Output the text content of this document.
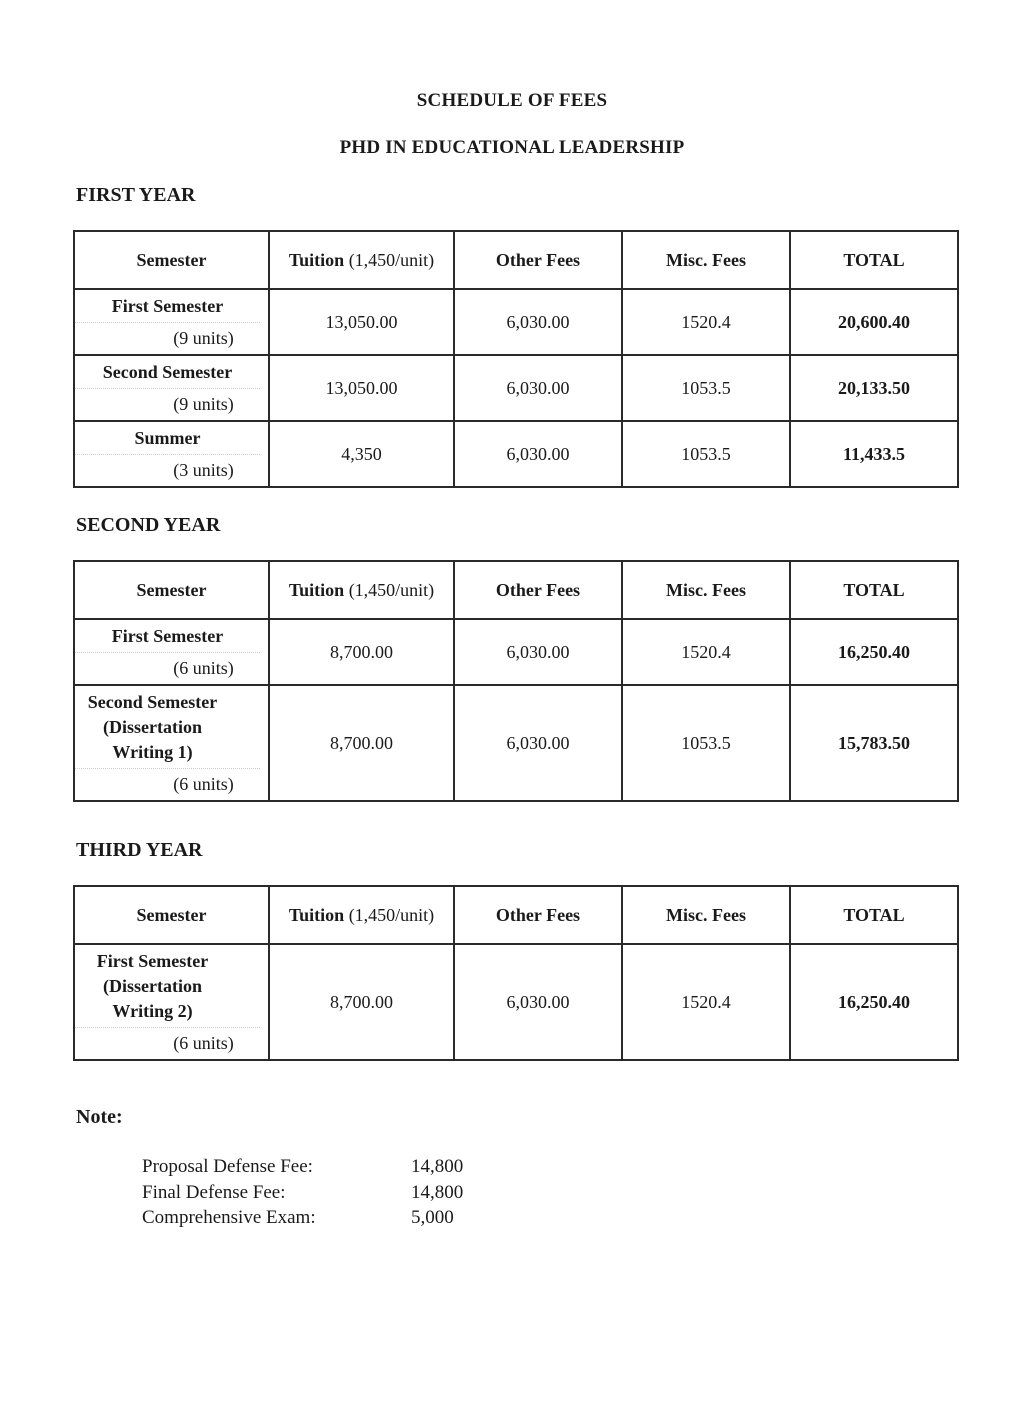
SCHEDULE OF FEES
PHD IN EDUCATIONAL LEADERSHIP
FIRST YEAR
Semester	Tuition (1,450/unit)	Other Fees	Misc. Fees	TOTAL

First Semester
(9 units)	13,050.00	6,030.00	1520.4	20,600.40

Second Semester
(9 units)	13,050.00	6,030.00	1053.5	20,133.50

Summer
(3 units)	4,350	6,030.00	1053.5	11,433.5
SECOND YEAR
Semester	Tuition (1,450/unit)	Other Fees	Misc. Fees	TOTAL

First Semester
(6 units)	8,700.00	6,030.00	1520.4	16,250.40

Second Semester (Dissertation Writing 1)
(6 units)	8,700.00	6,030.00	1053.5	15,783.50
THIRD YEAR
Semester	Tuition (1,450/unit)	Other Fees	Misc. Fees	TOTAL

First Semester (Dissertation Writing 2)
(6 units)	8,700.00	6,030.00	1520.4	16,250.40
Note:
Proposal Defense Fee:	14,800
Final Defense Fee:	14,800
Comprehensive Exam:	5,000
